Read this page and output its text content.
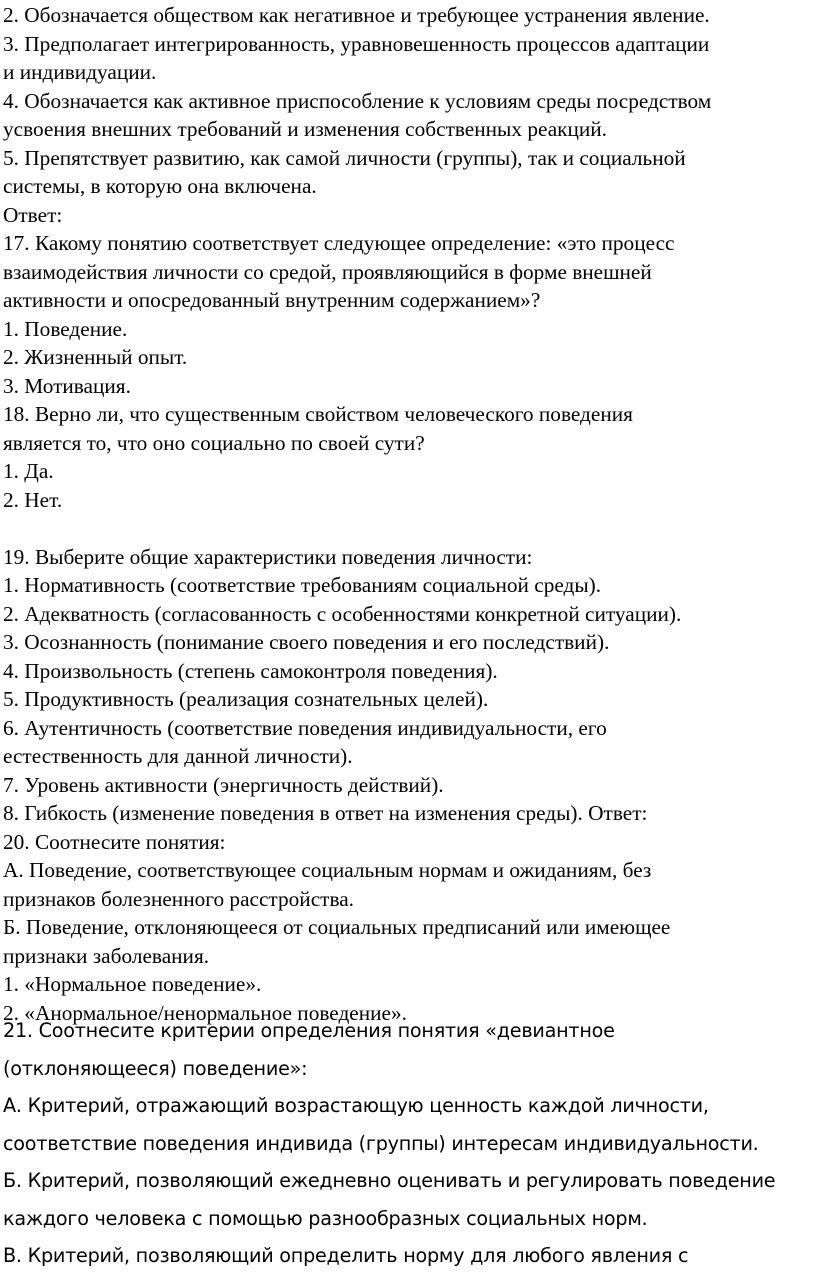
2. Обозначается обществом как негативное и требующее устранения явление.
3. Предполагает интегрированность, уравновешенность процессов адаптации
и индивидуации.
4. Обозначается как активное приспособление к условиям среды посредством
усвоения внешних требований и изменения собственных реакций.
5. Препятствует развитию, как самой личности (группы), так и социальной
системы, в которую она включена.
Ответ:
17. Какому понятию соответствует следующее определение: «это процесс
взаимодействия личности со средой, проявляющийся в форме внешней
активности и опосредованный внутренним содержанием»?
1. Поведение.
2. Жизненный опыт.
3. Мотивация.
18. Верно ли, что существенным свойством человеческого поведения
является то, что оно социально по своей сути?
1. Да.
2. Нет.
19. Выберите общие характеристики поведения личности:
1. Нормативность (соответствие требованиям социальной среды).
2. Адекватность (согласованность с особенностями конкретной ситуации).
3. Осознанность (понимание своего поведения и его последствий).
4. Произвольность (степень самоконтроля поведения).
5. Продуктивность (реализация сознательных целей).
6. Аутентичность (соответствие поведения индивидуальности, его
естественность для данной личности).
7. Уровень активности (энергичность действий).
8. Гибкость (изменение поведения в ответ на изменения среды). Ответ:
20. Соотнесите понятия:
А. Поведение, соответствующее социальным нормам и ожиданиям, без
признаков болезненного расстройства.
Б. Поведение, отклоняющееся от социальных предписаний или имеющее
признаки заболевания.
1. «Нормальное поведение».
2. «Анормальное/ненормальное поведение».
21. Соотнесите критерии определения понятия «девиантное
(отклоняющееся) поведение»:
А. Критерий, отражающий возрастающую ценность каждой личности,
соответствие поведения индивида (группы) интересам индивидуальности.
Б. Критерий, позволяющий ежедневно оценивать и регулировать поведение
каждого человека с помощью разнообразных социальных норм.
В. Критерий, позволяющий определить норму для любого явления с
